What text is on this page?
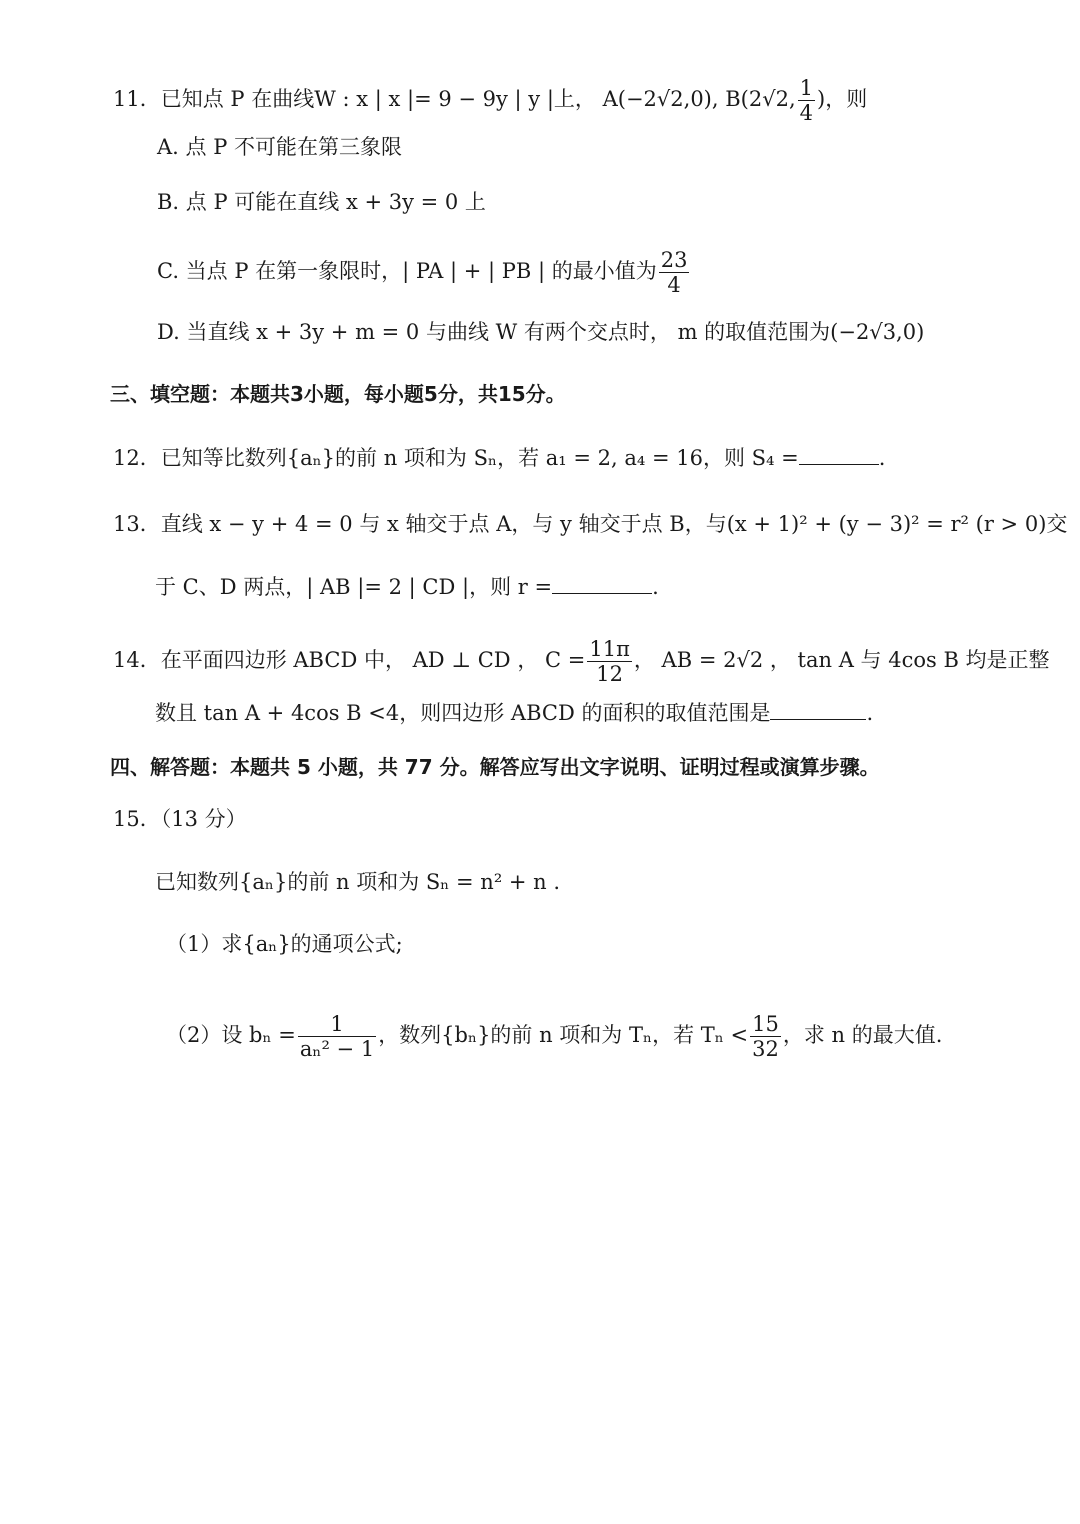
11．已知点 P 在曲线W : x | x |= 9 − 9y | y |上， A(−2√2,0), B(2√2, $\frac{1}{4}$ )，则
A. 点 P 不可能在第三象限
B. 点 P 可能在直线 x + 3y = 0 上
C. 当点 P 在第一象限时，| PA | + | PB | 的最小值为 $\frac{23}{4}$
D. 当直线 x + 3y + m = 0 与曲线 W 有两个交点时， m 的取值范围为(−2√3,0)
三、填空题：本题共3小题，每小题5分，共15分。
12．已知等比数列{aₙ}的前 n 项和为 Sₙ，若 a₁ = 2, a₄ = 16，则 S₄ =	.
13．直线 x − y + 4 = 0 与 x 轴交于点 A，与 y 轴交于点 B，与(x + 1)² + (y − 3)² = r² (r > 0)交
于 C、D 两点，| AB |= 2 | CD |，则 r =	.
14．在平面四边形 ABCD 中， AD ⊥ CD ， $C = \frac{11\pi}{12}$ ， AB = 2√2 ， tan A 与 4cos B 均是正整
数且 tan A + 4cos B <4，则四边形 ABCD 的面积的取值范围是	.
四、解答题：本题共 5 小题，共 77 分。解答应写出文字说明、证明过程或演算步骤。
15．（13 分）
已知数列{aₙ}的前 n 项和为 Sₙ = n² + n .
（1）求{aₙ}的通项公式;
（2）设 $b_n = \frac{1}{\text{aₙ² − 1}}$ ，数列{bₙ}的前 n 项和为 Tₙ，若 $T_n < \frac{15}{32}$ ，求 n 的最大值.
